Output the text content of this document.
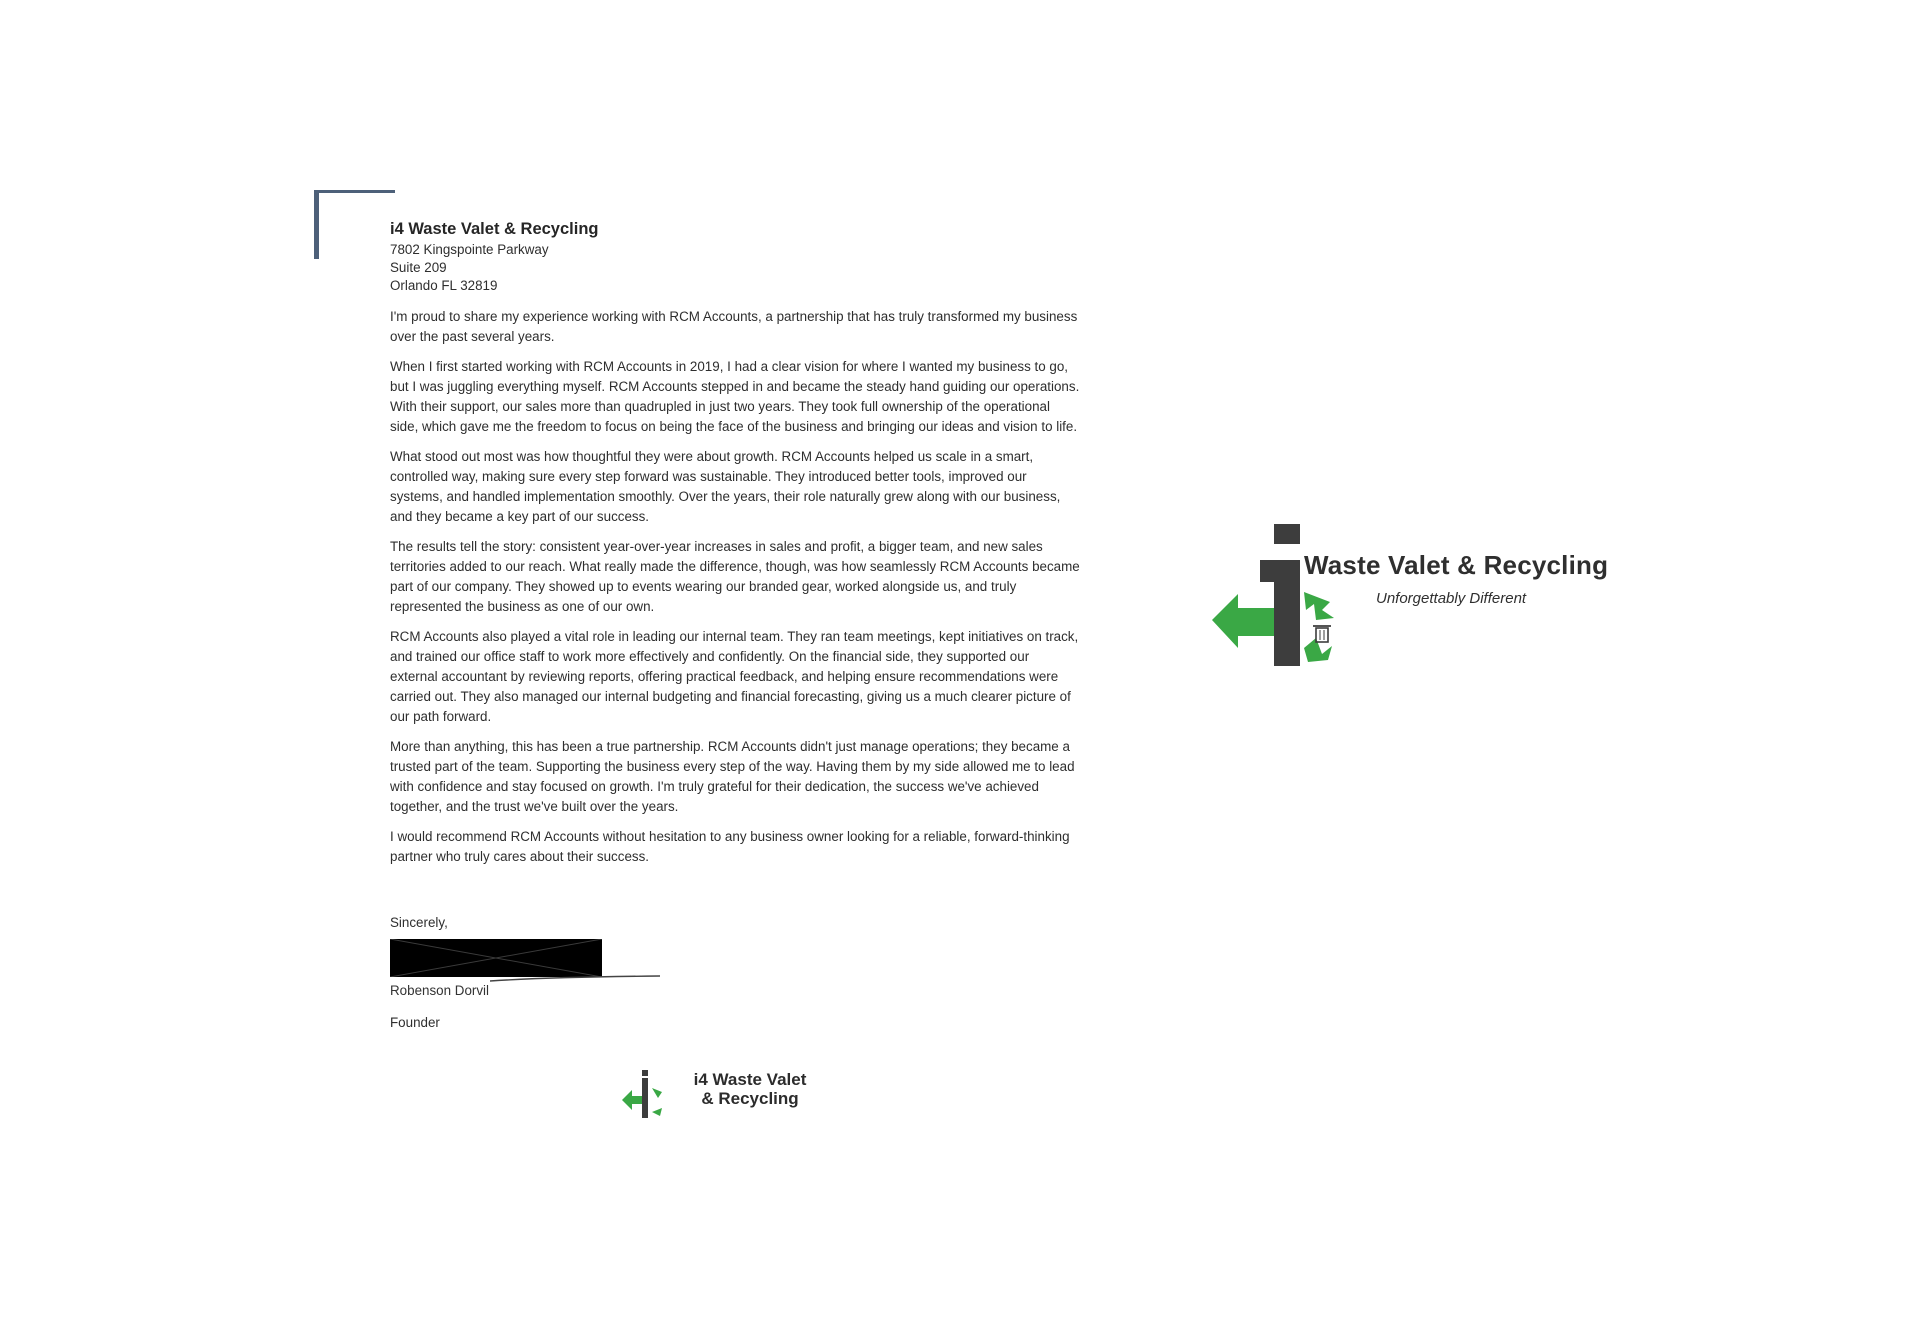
i4 Waste Valet & Recycling
7802 Kingspointe Parkway
Suite 209
Orlando FL 32819

I'm proud to share my experience working with RCM Accounts, a partnership that has truly transformed my business over the past several years.

When I first started working with RCM Accounts in 2019, I had a clear vision for where I wanted my business to go, but I was juggling everything myself. RCM Accounts stepped in and became the steady hand guiding our operations. With their support, our sales more than quadrupled in just two years. They took full ownership of the operational side, which gave me the freedom to focus on being the face of the business and bringing our ideas and vision to life.

What stood out most was how thoughtful they were about growth. RCM Accounts helped us scale in a smart, controlled way, making sure every step forward was sustainable. They introduced better tools, improved our systems, and handled implementation smoothly. Over the years, their role naturally grew along with our business, and they became a key part of our success.

The results tell the story: consistent year-over-year increases in sales and profit, a bigger team, and new sales territories added to our reach. What really made the difference, though, was how seamlessly RCM Accounts became part of our company. They showed up to events wearing our branded gear, worked alongside us, and truly represented the business as one of our own.

RCM Accounts also played a vital role in leading our internal team. They ran team meetings, kept initiatives on track, and trained our office staff to work more effectively and confidently. On the financial side, they supported our external accountant by reviewing reports, offering practical feedback, and helping ensure recommendations were carried out. They also managed our internal budgeting and financial forecasting, giving us a much clearer picture of our path forward.

More than anything, this has been a true partnership. RCM Accounts didn't just manage operations; they became a trusted part of the team. Supporting the business every step of the way. Having them by my side allowed me to lead with confidence and stay focused on growth. I'm truly grateful for their dedication, the success we've achieved together, and the trust we've built over the years.

I would recommend RCM Accounts without hesitation to any business owner looking for a reliable, forward-thinking partner who truly cares about their success.

Sincerely,
Robenson Dorvil
Founder
i4 Waste Valet
& Recycling
Waste Valet & Recycling
Unforgettably Different
